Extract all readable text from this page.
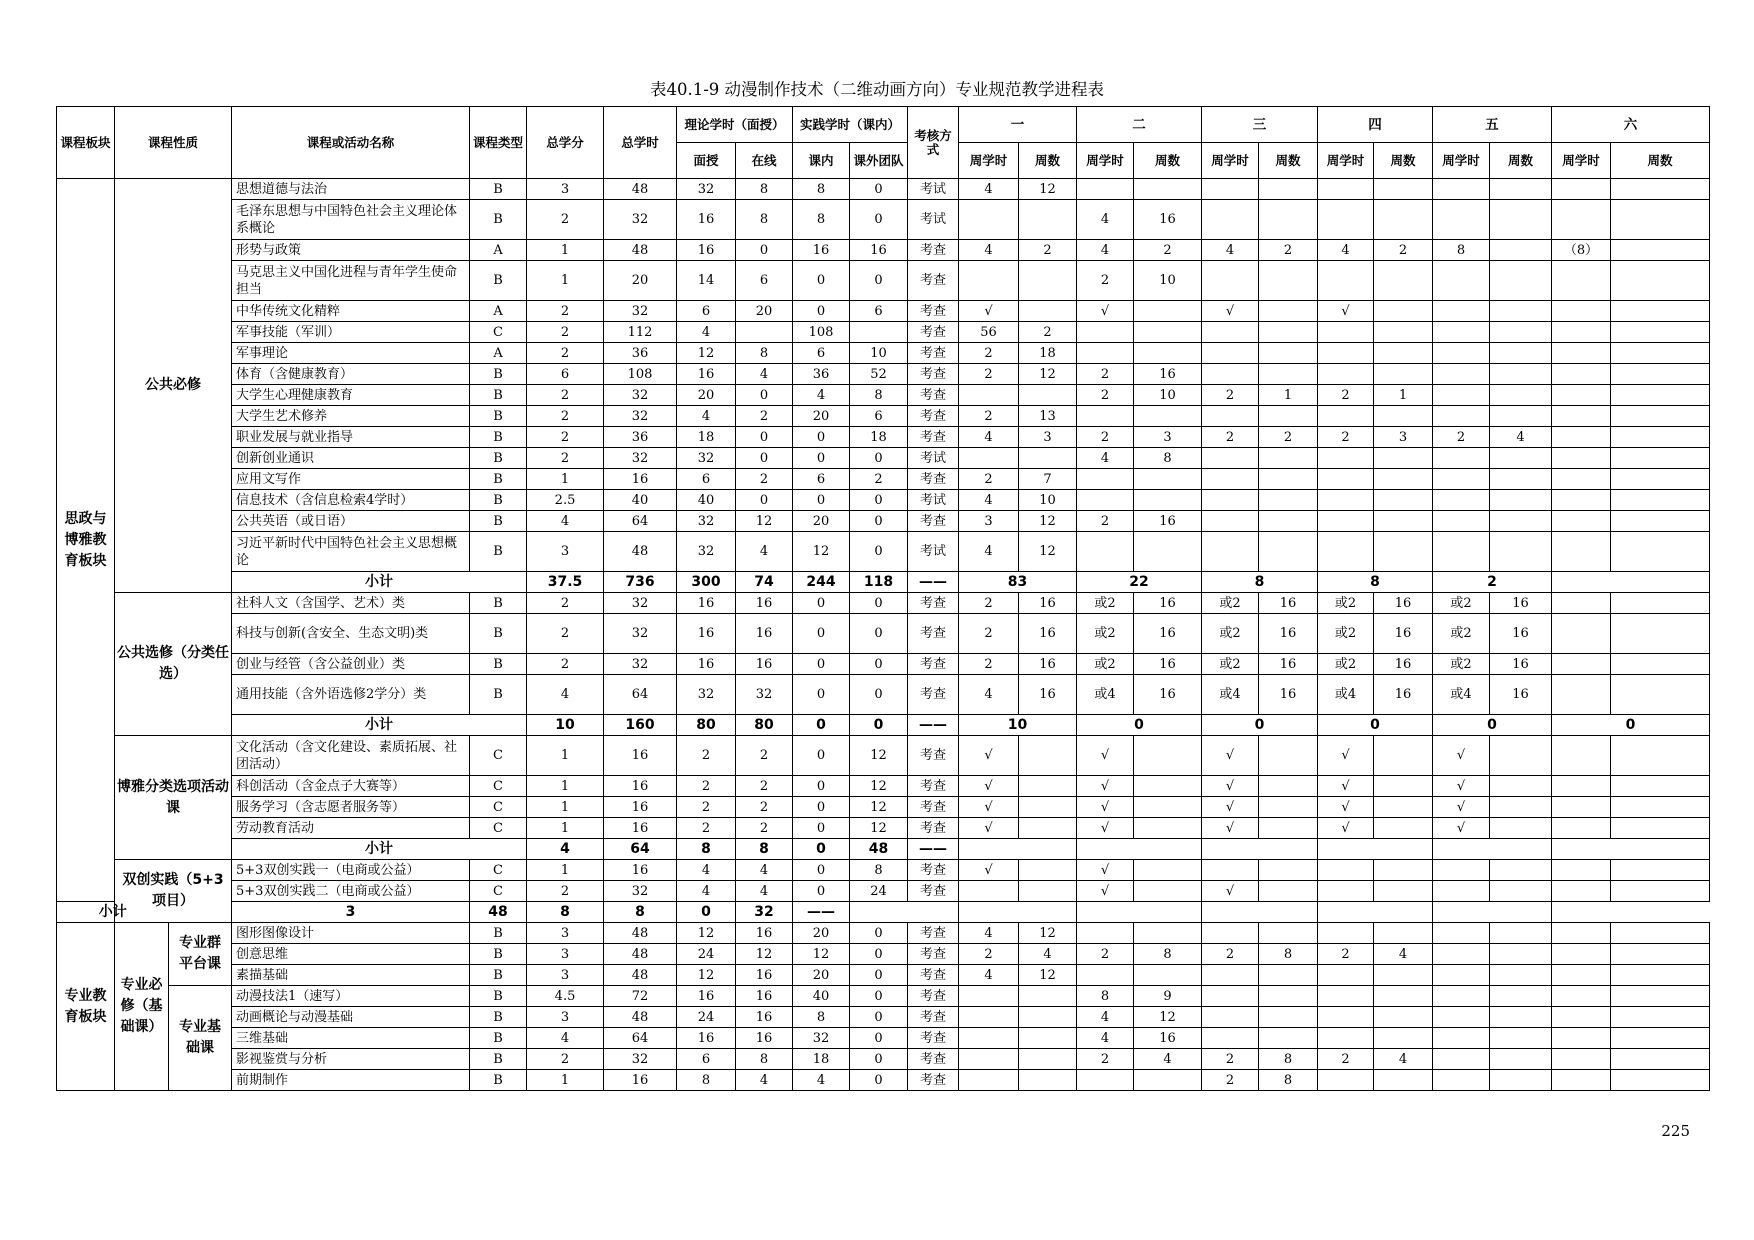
表40.1-9 动漫制作技术（二维动画方向）专业规范教学进程表
课程板块	课程性质		课程或活动名称	课程类型	总学分	总学时	理论学时（面授）		实践学时（课内）		考核方式	一		二		三		四		五		六	
							面授	在线	课内	课外团队		周学时	周数	周学时	周数	周学时	周数	周学时	周数	周学时	周数	周学时	周数
思政与博雅教育板块	公共必修		思想道德与法治	B	3	48	32	8	8	0	考试	4	12										
			毛泽东思想与中国特色社会主义理论体系概论	B	2	32	16	8	8	0	考试			4	16								
			形势与政策	A	1	48	16	0	16	16	考查	4	2	4	2	4	2	4	2	8		（8）	
			马克思主义中国化进程与青年学生使命担当	B	1	20	14	6	0	0	考查			2	10								
			中华传统文化精粹	A	2	32	6	20	0	6	考查	√		√		√		√					
			军事技能（军训）	C	2	112	4		108		考查	56	2										
			军事理论	A	2	36	12	8	6	10	考查	2	18										
			体育（含健康教育）	B	6	108	16	4	36	52	考查	2	12	2	16								
			大学生心理健康教育	B	2	32	20	0	4	8	考查			2	10	2	1	2	1				
			大学生艺术修养	B	2	32	4	2	20	6	考查	2	13										
			职业发展与就业指导	B	2	36	18	0	0	18	考查	4	3	2	3	2	2	2	3	2	4		
			创新创业通识	B	2	32	32	0	0	0	考试			4	8								
			应用文写作	B	1	16	6	2	6	2	考查	2	7										
			信息技术（含信息检索4学时）	B	2.5	40	40	0	0	0	考试	4	10										
			公共英语（或日语）	B	4	64	32	12	20	0	考查	3	12	2	16								
			习近平新时代中国特色社会主义思想概论	B	3	48	32	4	12	0	考试	4	12										
			小计		37.5	736	300	74	244	118	——	83		22		8		8		2			
	公共选修（分类任选）		社科人文（含国学、艺术）类	B	2	32	16	16	0	0	考查	2	16	或2	16	或2	16	或2	16	或2	16		
			科技与创新(含安全、生态文明)类	B	2	32	16	16	0	0	考查	2	16	或2	16	或2	16	或2	16	或2	16		
			创业与经管（含公益创业）类	B	2	32	16	16	0	0	考查	2	16	或2	16	或2	16	或2	16	或2	16		
			通用技能（含外语选修2学分）类	B	4	64	32	32	0	0	考查	4	16	或4	16	或4	16	或4	16	或4	16		
			小计		10	160	80	80	0	0	——	10		0		0		0		0		0	
	博雅分类选项活动课		文化活动（含文化建设、素质拓展、社团活动）	C	1	16	2	2	0	12	考查	√		√		√		√		√			
			科创活动（含金点子大赛等）	C	1	16	2	2	0	12	考查	√		√		√		√		√			
			服务学习（含志愿者服务等）	C	1	16	2	2	0	12	考查	√		√		√		√		√			
			劳动教育活动	C	1	16	2	2	0	12	考查	√		√		√		√		√			
			小计		4	64	8	8	0	48	——												
	双创实践（5+3项目）		5+3双创实践一（电商或公益）	C	1	16	4	4	0	8	考查	√		√									
			5+3双创实践二（电商或公益）	C	2	32	4	4	0	24	考查			√		√							
小计			3	48	8	8	0	32	——														
专业教育板块	专业必修（基础课）	专业群平台课	图形图像设计	B	3	48	12	16	20	0	考查	4	12										
			创意思维	B	3	48	24	12	12	0	考查	2	4	2	8	2	8	2	4				
			素描基础	B	3	48	12	16	20	0	考查	4	12										
		专业基础课	动漫技法1（速写）	B	4.5	72	16	16	40	0	考查			8	9								
			动画概论与动漫基础	B	3	48	24	16	8	0	考查			4	12								
			三维基础	B	4	64	16	16	32	0	考查			4	16								
			影视鉴赏与分析	B	2	32	6	8	18	0	考查			2	4	2	8	2	4				
			前期制作	B	1	16	8	4	4	0	考查					2	8						
225
